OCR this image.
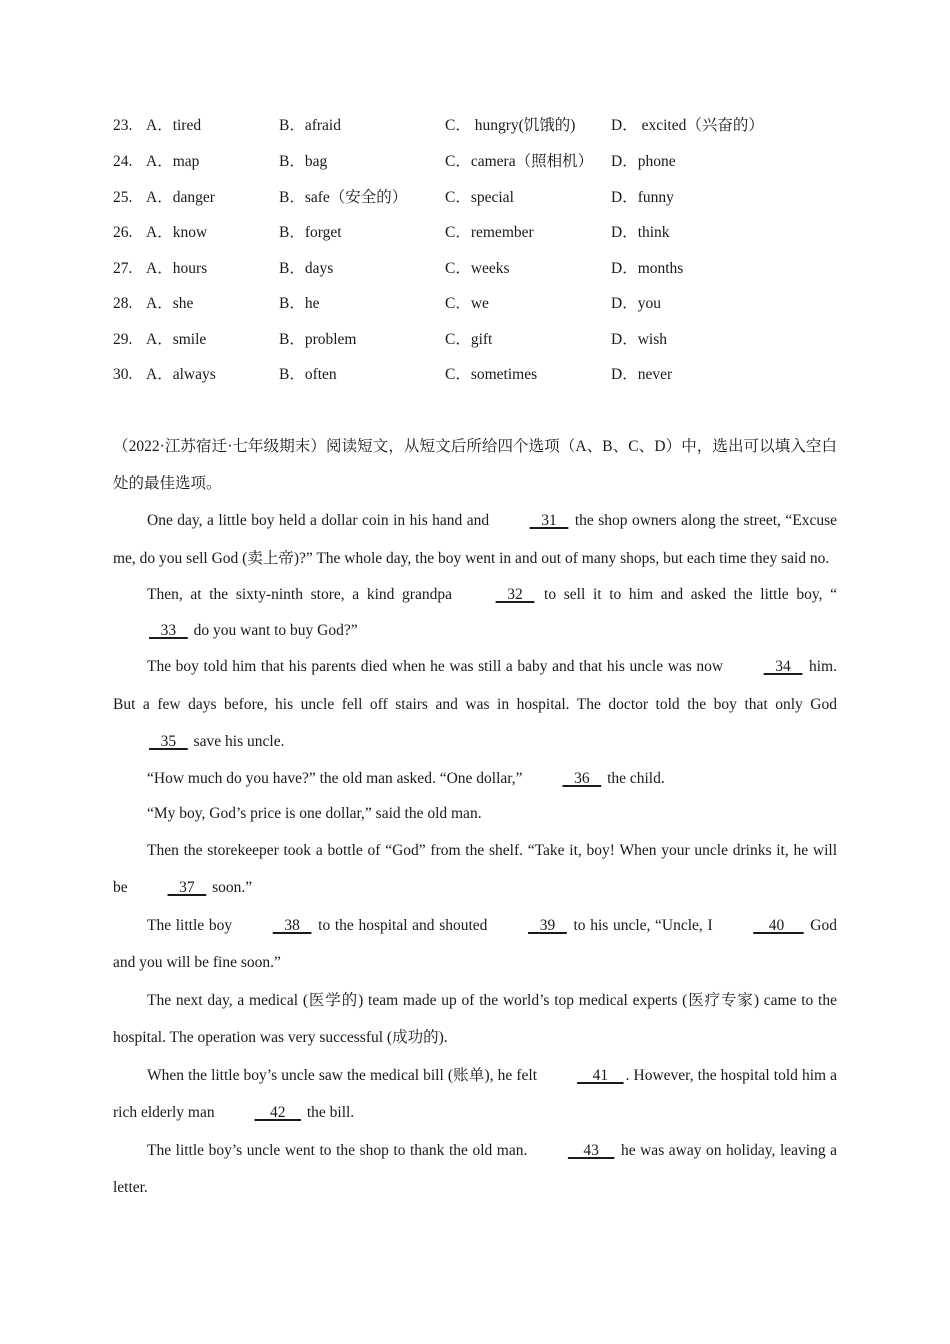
23. A．tired	B．afraid	C． hungry(饥饿的) D． excited（兴奋的）
24. A．map	B．bag	C．camera（照相机） D．phone
25. A．danger	B．safe（安全的） C．special	D．funny
26. A．know	B．forget	C．remember	D．think
27. A．hours	B．days	C．weeks	D．months
28. A．she	B．he	C．we	D．you
29. A．smile	B．problem	C．gift	D．wish
30. A．always	B．often	C．sometimes	D．never

（2022·江苏宿迁·七年级期末）阅读短文，从短文后所给四个选项（A、B、C、D）中，选出可以填入空白处的最佳选项。

One day, a little boy held a dollar coin in his hand and    31    the shop owners along the street, “Excuse me, do you sell God (卖上帝)?” The whole day, the boy went in and out of many shops, but each time they said no.

Then, at the sixty-ninth store, a kind grandpa    32    to sell it to him and asked the little boy, “   33    do you want to buy God?”

The boy told him that his parents died when he was still a baby and that his uncle was now    34    him. But a few days before, his uncle fell off stairs and was in hospital. The doctor told the boy that only God    35    save his uncle.

“How much do you have?” the old man asked. “One dollar,”    36    the child.

“My boy, God’s price is one dollar,” said the old man.

Then the storekeeper took a bottle of “God” from the shelf. “Take it, boy! When your uncle drinks it, he will be    37    soon.”

The little boy    38    to the hospital and shouted    39    to his uncle, “Uncle, I     40      God and you will be fine soon.”

The next day, a medical (医学的) team made up of the world’s top medical experts (医疗专家) came to the hospital. The operation was very successful (成功的).

When the little boy’s uncle saw the medical bill (账单), he felt     41    . However, the hospital told him a rich elderly man     42     the bill.

The little boy’s uncle went to the shop to thank the old man.     43     he was away on holiday, leaving a letter.
